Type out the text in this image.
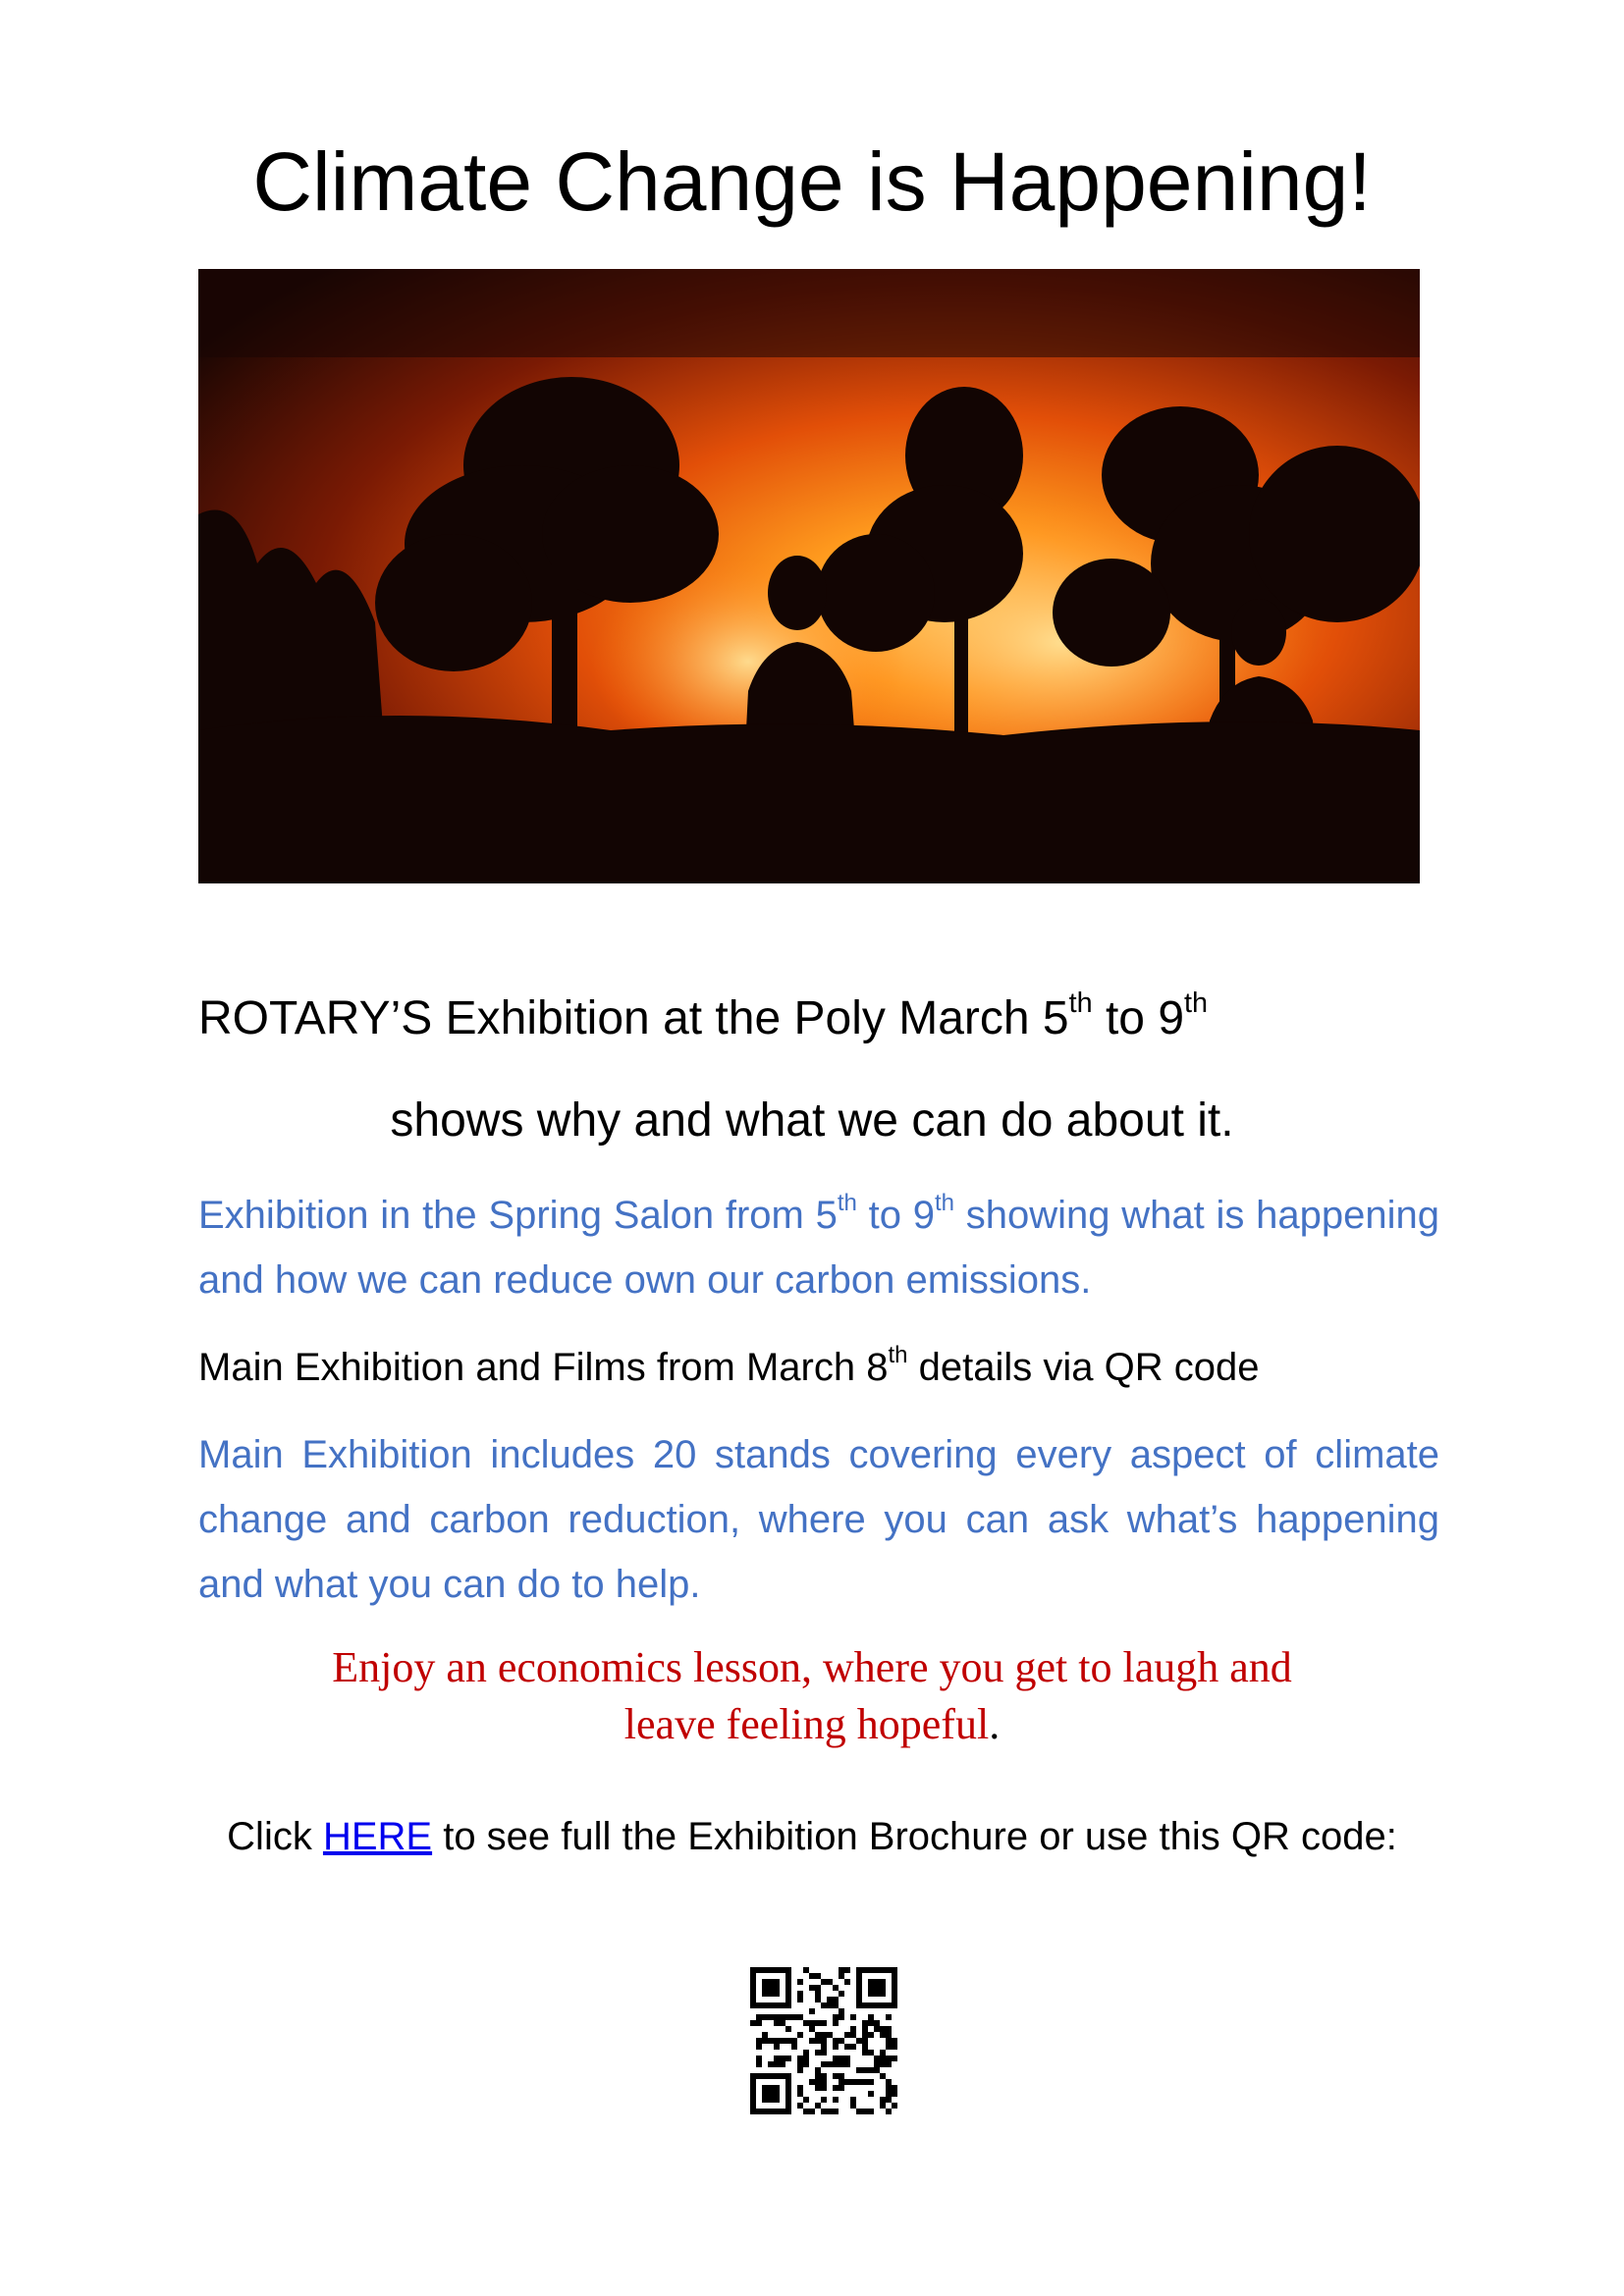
Climate Change is Happening!
ROTARY’S Exhibition at the Poly March 5th to 9th
shows why and what we can do about it.
Exhibition in the Spring Salon from 5th to 9th showing what is happening and how we can reduce own our carbon emissions.
Main Exhibition and Films from March 8th details via QR code
Main Exhibition includes 20 stands covering every aspect of climate change and carbon reduction, where you can ask what’s happening and what you can do to help.
Enjoy an economics lesson, where you get to laugh and
leave feeling hopeful.
Click HERE to see full the Exhibition Brochure or use this QR code:
